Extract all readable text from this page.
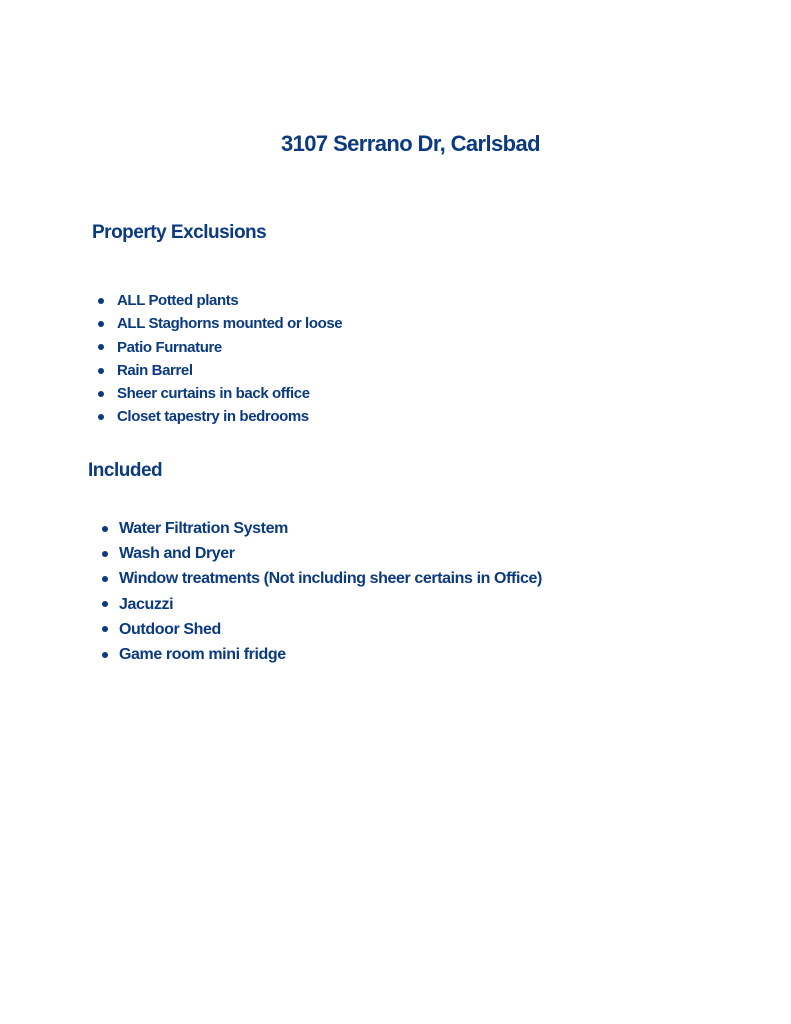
3107 Serrano Dr, Carlsbad
Property Exclusions
ALL Potted plants
ALL Staghorns mounted or loose
Patio Furnature
Rain Barrel
Sheer curtains in back office
Closet tapestry in bedrooms
Included
Water Filtration System
Wash and Dryer
Window treatments (Not including sheer certains in Office)
Jacuzzi
Outdoor Shed
Game room mini fridge
